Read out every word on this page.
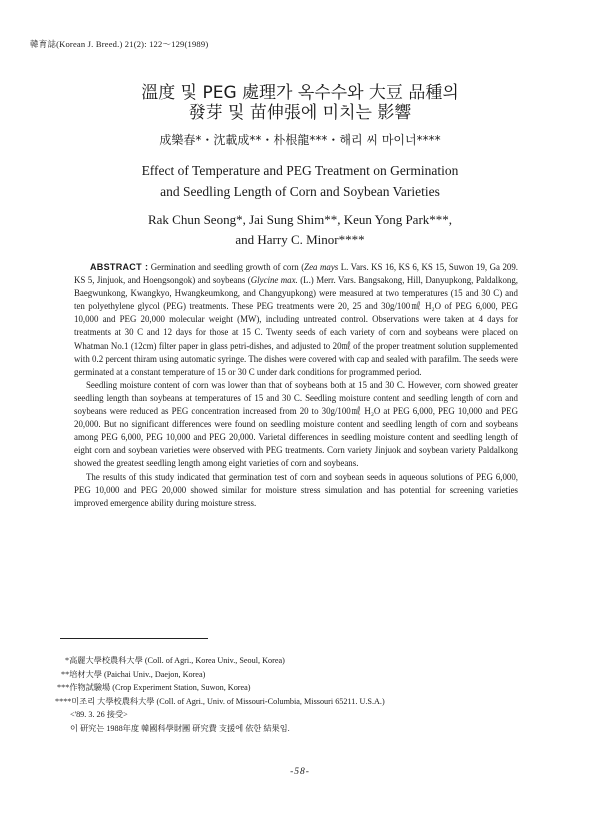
韓育誌(Korean J. Breed.) 21(2): 122～129(1989)
溫度 및 PEG 處理가 옥수수와 大豆 品種의
發芽 및 苗伸張에 미치는 影響
成樂春*・沈載成**・朴根龍***・해리 씨 마이너****
Effect of Temperature and PEG Treatment on Germination
and Seedling Length of Corn and Soybean Varieties
Rak Chun Seong*, Jai Sung Shim**, Keun Yong Park***,
and Harry C. Minor****

ABSTRACT : Germination and seedling growth of corn (Zea mays L. Vars. KS 16, KS 6, KS 15, Suwon 19, Ga 209. KS 5, Jinjuok, and Hoengsongok) and soybeans (Glycine max. (L.) Merr. Vars. Bangsakong, Hill, Danyupkong, Paldalkong, Baegwunkong, Kwangkyo, Hwangkeumkong, and Changyupkong) were measured at two temperatures (15 and 30 C) and ten polyethylene glycol (PEG) treatments. These PEG treatments were 20, 25 and 30g/100㎖ H₂O of PEG 6,000, PEG 10,000 and PEG 20,000 molecular weight (MW), including untreated control. Observations were taken at 4 days for treatments at 30 C and 12 days for those at 15 C. Twenty seeds of each variety of corn and soybeans were placed on Whatman No.1 (12cm) filter paper in glass petri-dishes, and adjusted to 20㎖ of the proper treatment solution supplemented with 0.2 percent thiram using automatic syringe. The dishes were covered with cap and sealed with parafilm. The seeds were germinated at a constant temperature of 15 or 30 C under dark conditions for programmed period.

Seedling moisture content of corn was lower than that of soybeans both at 15 and 30 C. However, corn showed greater seedling length than soybeans at temperatures of 15 and 30 C. Seedling moisture content and seedling length of corn and soybeans were reduced as PEG concentration increased from 20 to 30g/100㎖ H₂O at PEG 6,000, PEG 10,000 and PEG 20,000. But no significant differences were found on seedling moisture content and seedling length of corn and soybeans among PEG 6,000, PEG 10,000 and PEG 20,000. Varietal differences in seedling moisture content and seedling length of eight corn and soybean varieties were observed with PEG treatments. Corn variety Jinjuok and soybean variety Paldalkong showed the greatest seedling length among eight varieties of corn and soybeans.

The results of this study indicated that germination test of corn and soybean seeds in aqueous solutions of PEG 6,000, PEG 10,000 and PEG 20,000 showed similar for moisture stress simulation and has potential for screening varieties improved emergence ability during moisture stress.

*高麗大學校農科大學 (Coll. of Agri., Korea Univ., Seoul, Korea)
**培材大學 (Paichai Univ., Daejon, Korea)
***作物試驗場 (Crop Experiment Station, Suwon, Korea)
****미조리 大學校農科大學 (Coll. of Agri., Univ. of Missouri-Columbia, Missouri 65211. U.S.A.)
<'89. 3. 26 接受>
이 研究는 1988年度 韓國科學財團 研究費 支援에 依한 結果임.
-58-
